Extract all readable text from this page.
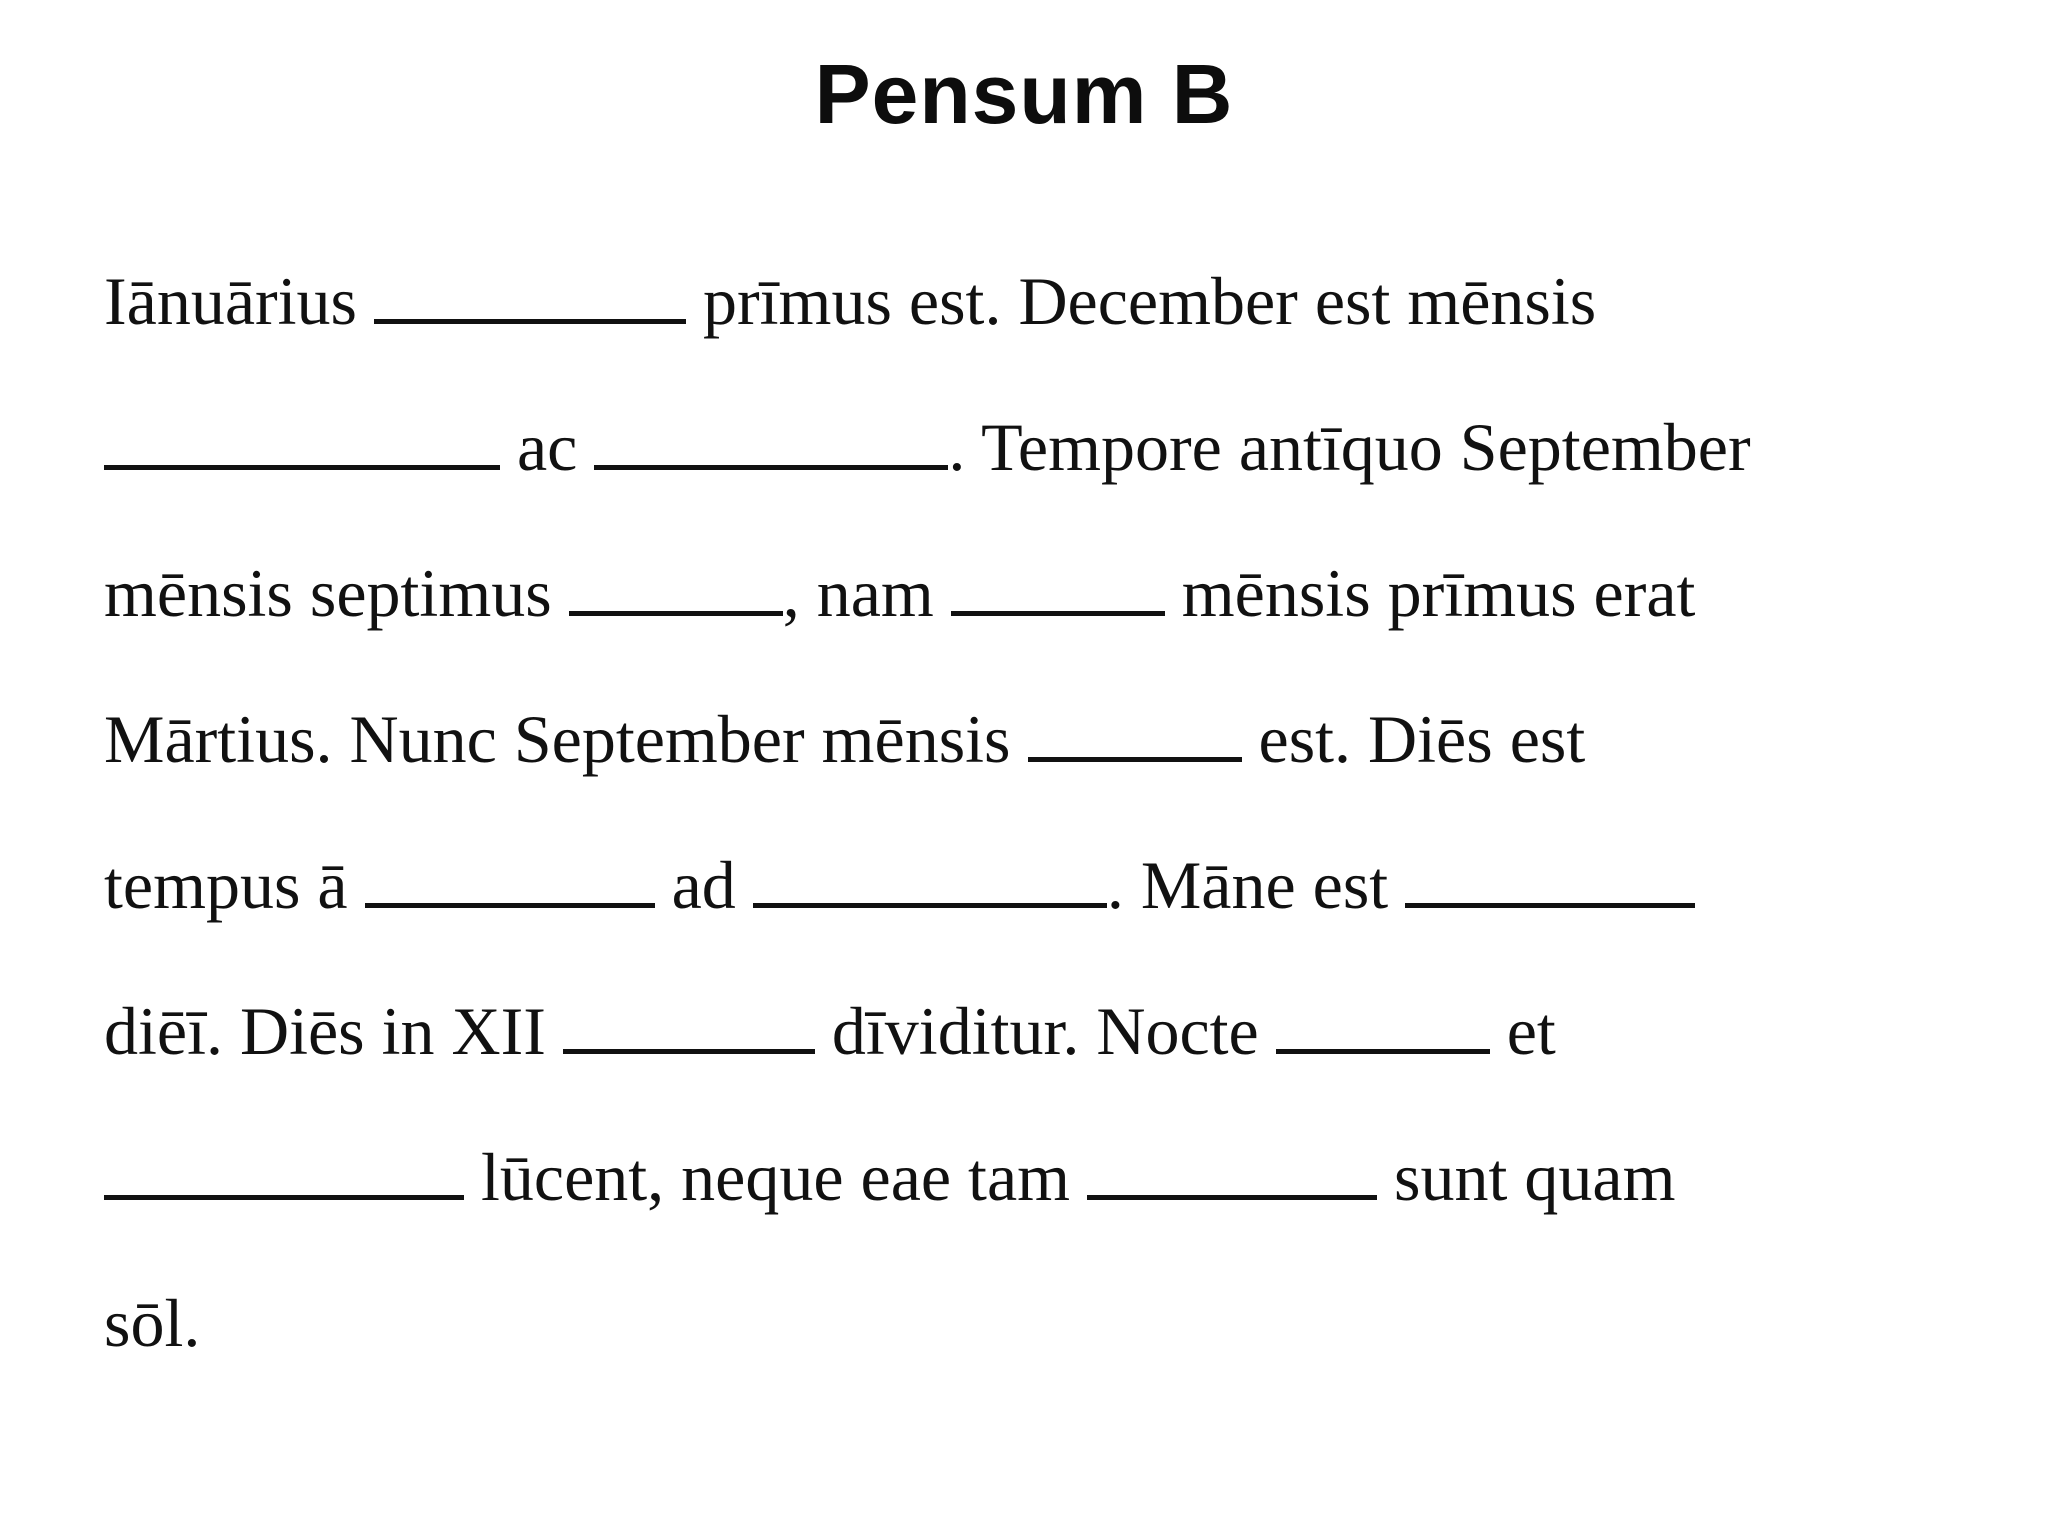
Pensum B
Iānuārius	prīmus est. December est mēnsis
ac	. Tempore antīquo September
mēnsis septimus	, nam	mēnsis prīmus erat
Mārtius. Nunc September mēnsis	est. Diēs est
tempus ā	ad	. Māne est
diēī. Diēs in XII	dīviditur. Nocte	et
lūcent, neque eae tam	sunt quam
sōl.
